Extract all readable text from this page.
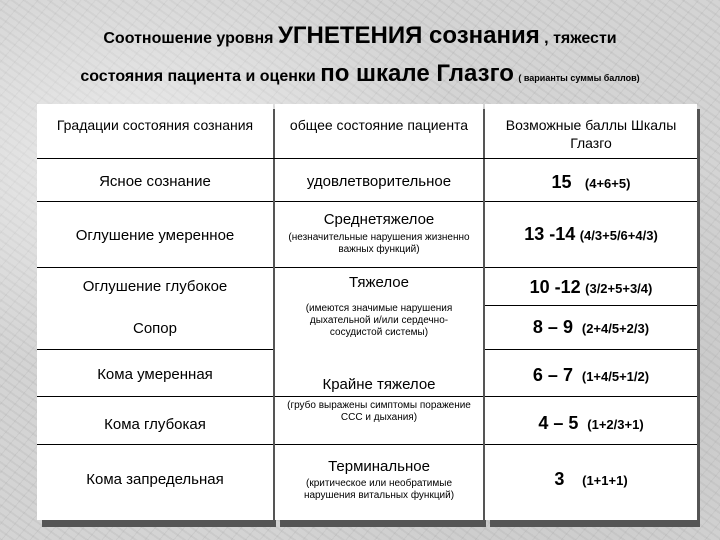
Соотношение уровня УГНЕТЕНИЯ сознания , тяжести
состояния пациента и оценки по шкале Глазго ( варианты суммы баллов)
Градации состояния сознания	общее состояние пациента	Возможные баллы Шкалы Глазго
Ясное сознание
Оглушение умеренное
Оглушение глубокое
Сопор
Кома умеренная
Кома глубокая
Кома запредельная
удовлетворительное
Среднетяжелое
(незначительные нарушения жизненно важных функций)
Тяжелое
(имеются значимые нарушения дыхательной и/или сердечно-сосудистой системы)
Крайне тяжелое
(грубо выражены симптомы поражение ССС и дыхания)
Терминальное
(критическое или необратимые нарушения витальных функций)
15 (4+6+5)
13 -14 (4/3+5/6+4/3)
10 -12 (3/2+5+3/4)
8 – 9 (2+4/5+2/3)
6 – 7 (1+4/5+1/2)
4 – 5 (1+2/3+1)
3 (1+1+1)
